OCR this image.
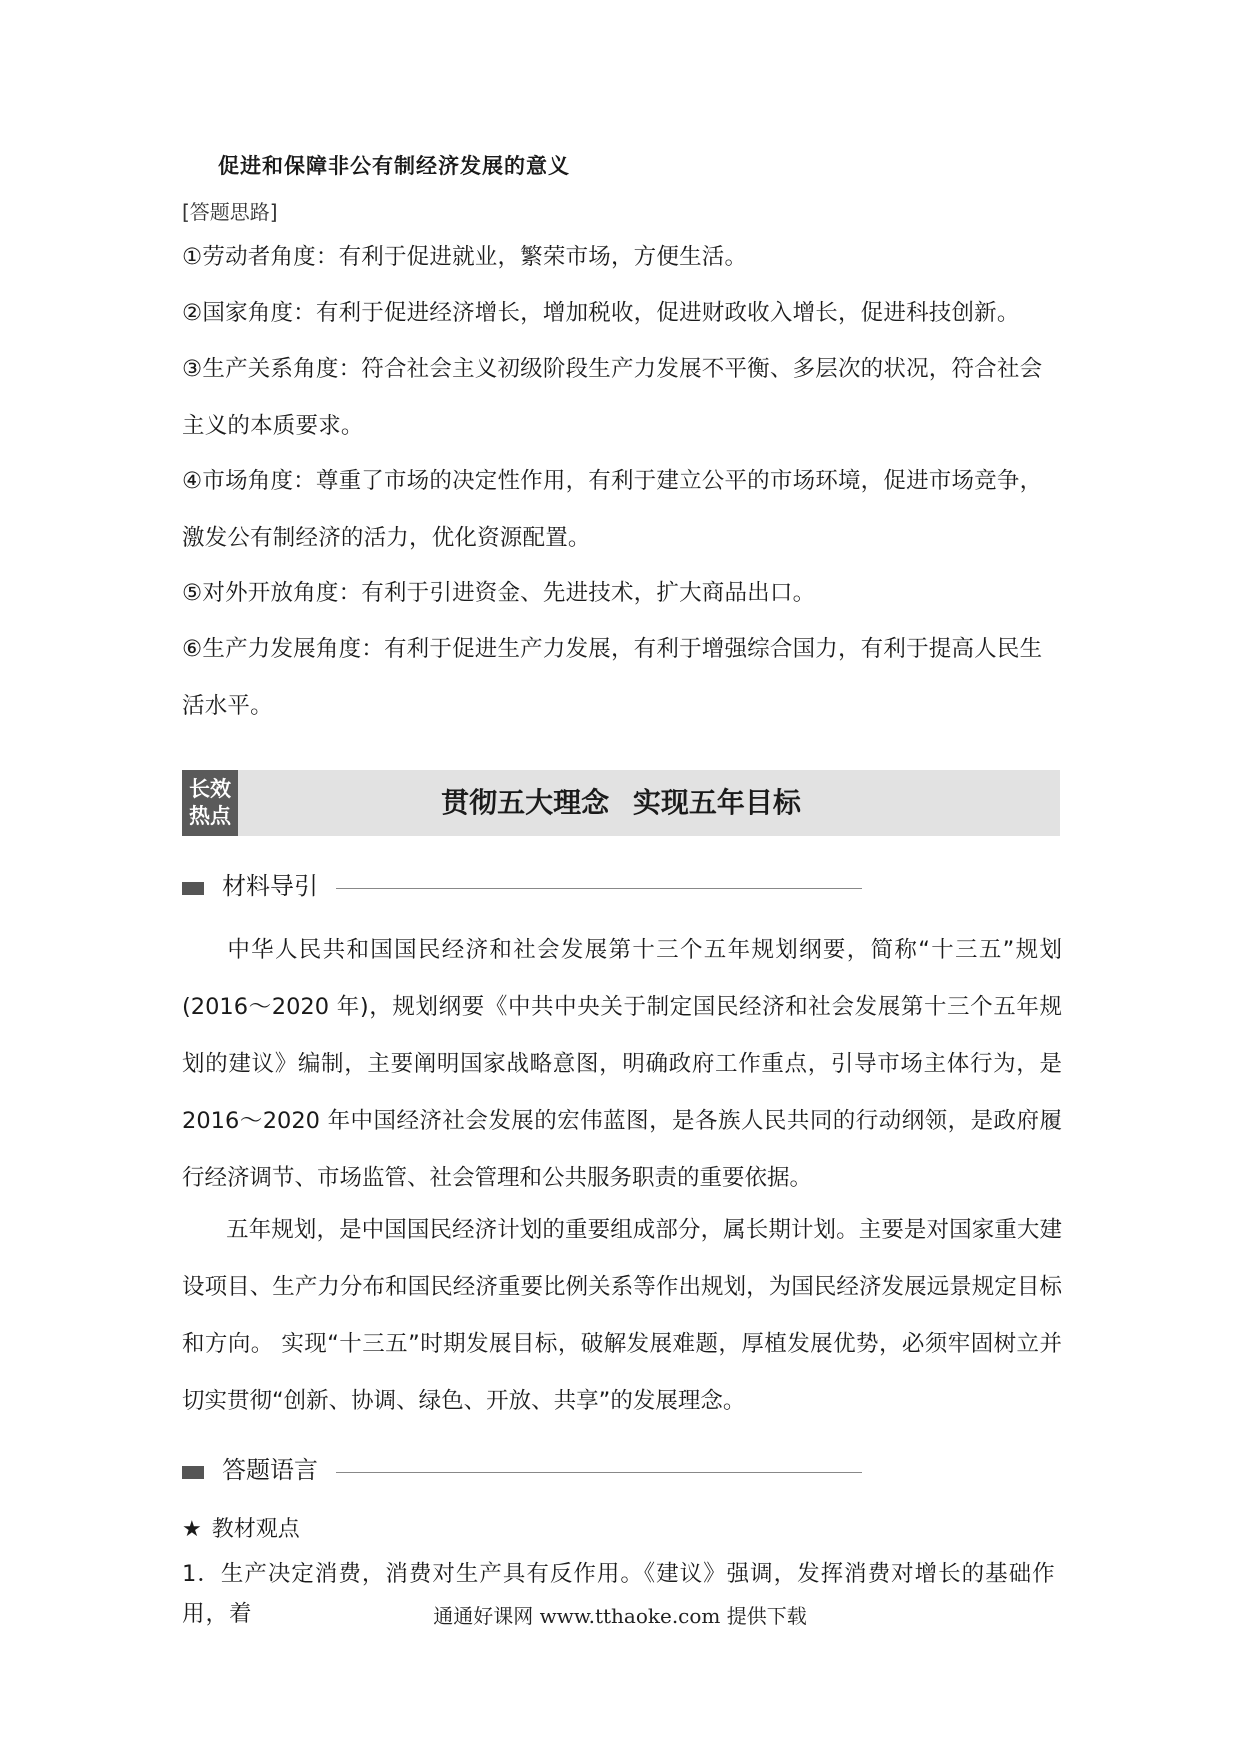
促进和保障非公有制经济发展的意义
[答题思路]
①劳动者角度：有利于促进就业，繁荣市场，方便生活。
②国家角度：有利于促进经济增长，增加税收，促进财政收入增长，促进科技创新。
③生产关系角度：符合社会主义初级阶段生产力发展不平衡、多层次的状况，符合社会主义的本质要求。
④市场角度：尊重了市场的决定性作用，有利于建立公平的市场环境，促进市场竞争，激发公有制经济的活力，优化资源配置。
⑤对外开放角度：有利于引进资金、先进技术，扩大商品出口。
⑥生产力发展角度：有利于促进生产力发展，有利于增强综合国力，有利于提高人民生活水平。
贯彻五大理念 实现五年目标
长效
热点
材料导引
中华人民共和国国民经济和社会发展第十三个五年规划纲要，简称“十三五”规划(2016～2020 年)，规划纲要《中共中央关于制定国民经济和社会发展第十三个五年规划的建议》编制，主要阐明国家战略意图，明确政府工作重点，引导市场主体行为，是 2016～2020 年中国经济社会发展的宏伟蓝图，是各族人民共同的行动纲领，是政府履行经济调节、市场监管、社会管理和公共服务职责的重要依据。
五年规划，是中国国民经济计划的重要组成部分，属长期计划。主要是对国家重大建设项目、生产力分布和国民经济重要比例关系等作出规划，为国民经济发展远景规定目标和方向。 实现“十三五”时期发展目标，破解发展难题，厚植发展优势，必须牢固树立并切实贯彻“创新、协调、绿色、开放、共享”的发展理念。
答题语言
★ 教材观点
1．生产决定消费，消费对生产具有反作用。《建议》强调，发挥消费对增长的基础作用，着	通通好课网 www.tthaoke.com 提供下载
